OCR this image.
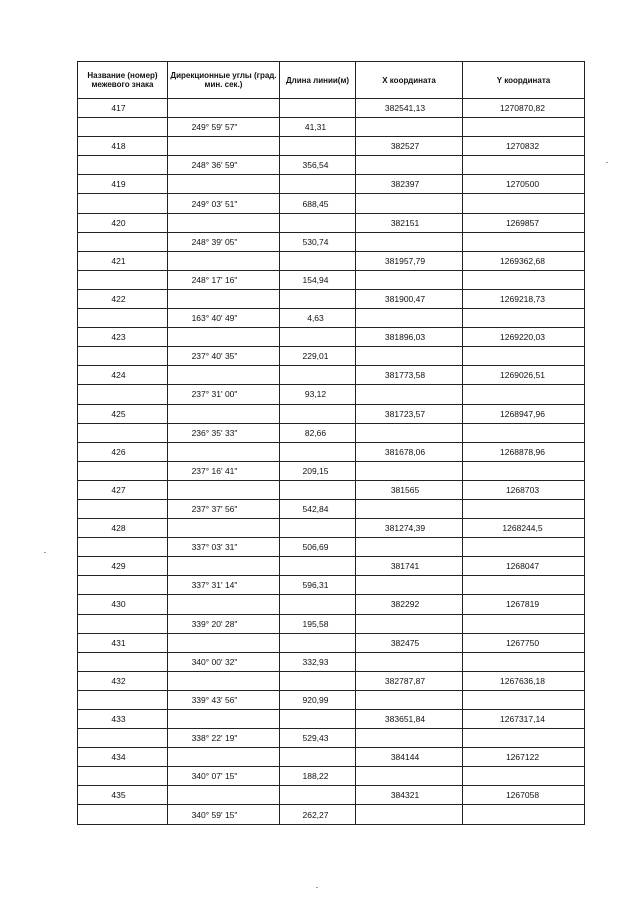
Название (номер) межевого знака	Дирекционные углы (град. мин. сек.)	Длина линии(м)	X координата	Y координата
417			382541,13	1270870,82
	249° 59' 57"	41,31		
418			382527	1270832
	248° 36' 59"	356,54		
419			382397	1270500
	249° 03' 51"	688,45		
420			382151	1269857
	248° 39' 05"	530,74		
421			381957,79	1269362,68
	248° 17' 16"	154,94		
422			381900,47	1269218,73
	163° 40' 49"	4,63		
423			381896,03	1269220,03
	237° 40' 35"	229,01		
424			381773,58	1269026,51
	237° 31' 00"	93,12		
425			381723,57	1268947,96
	236° 35' 33"	82,66		
426			381678,06	1268878,96
	237° 16' 41"	209,15		
427			381565	1268703
	237° 37' 56"	542,84		
428			381274,39	1268244,5
	337° 03' 31"	506,69		
429			381741	1268047
	337° 31' 14"	596,31		
430			382292	1267819
	339° 20' 28"	195,58		
431			382475	1267750
	340° 00' 32"	332,93		
432			382787,87	1267636,18
	339° 43' 56"	920,99		
433			383651,84	1267317,14
	338° 22' 19"	529,43		
434			384144	1267122
	340° 07' 15"	188,22		
435			384321	1267058
	340° 59' 15"	262,27		
